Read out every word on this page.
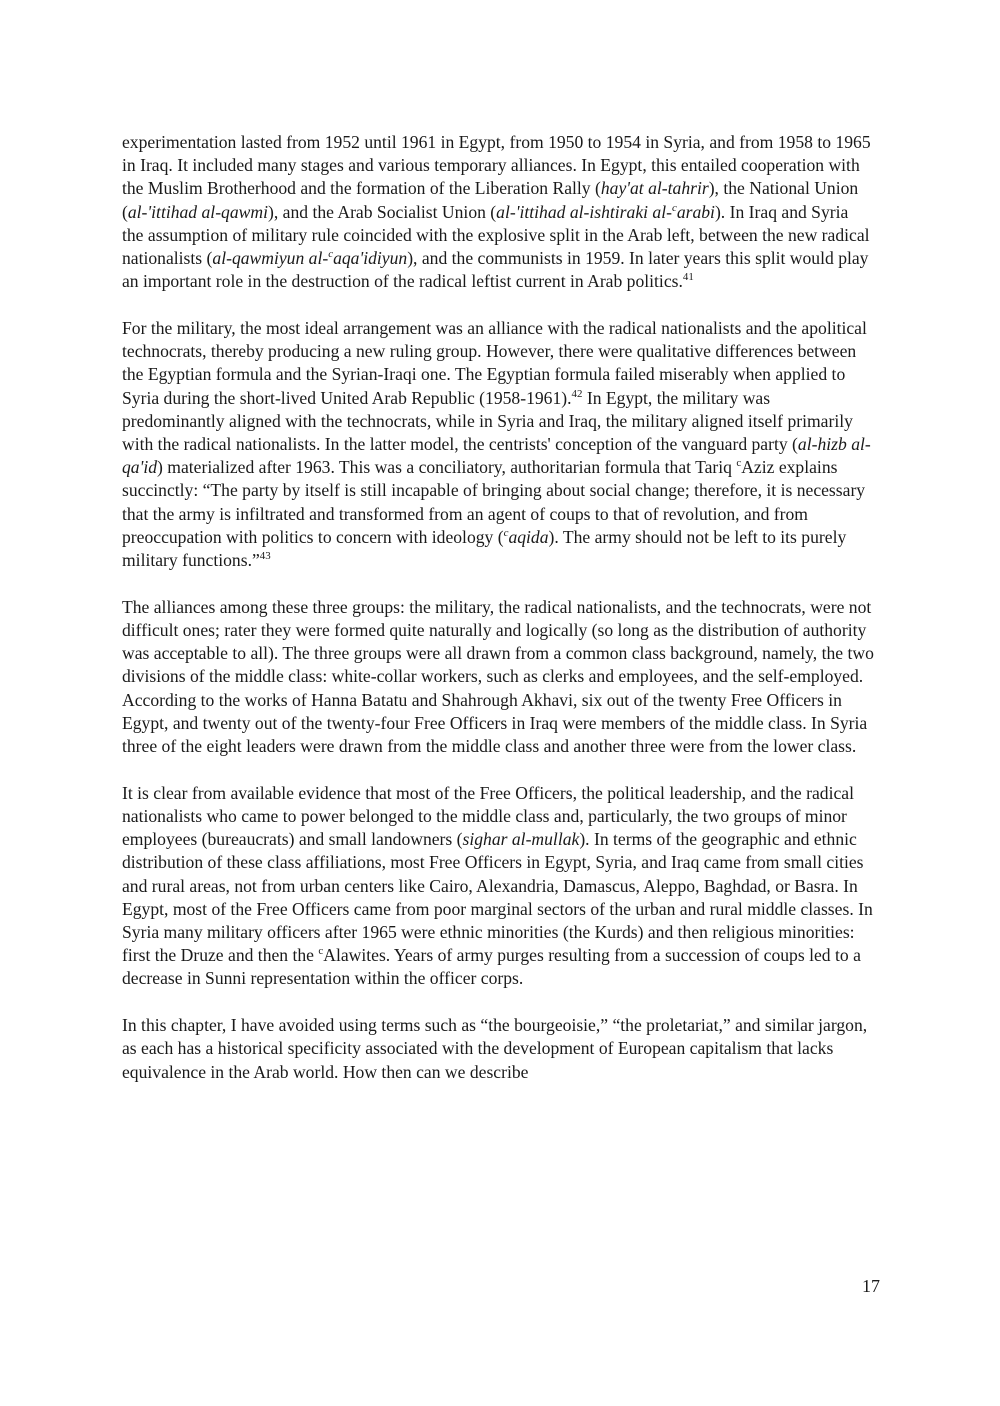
experimentation lasted from 1952 until 1961 in Egypt, from 1950 to 1954 in Syria, and from 1958 to 1965 in Iraq. It included many stages and various temporary alliances. In Egypt, this entailed cooperation with the Muslim Brotherhood and the formation of the Liberation Rally (hay'at al-tahrir), the National Union (al-'ittihad al-qawmi), and the Arab Socialist Union (al-'ittihad al-ishtiraki al-$^c$arabi). In Iraq and Syria the assumption of military rule coincided with the explosive split in the Arab left, between the new radical nationalists (al-qawmiyun al-$^c$aqa'idiyun), and the communists in 1959. In later years this split would play an important role in the destruction of the radical leftist current in Arab politics.$^{41}$

For the military, the most ideal arrangement was an alliance with the radical nationalists and the apolitical technocrats, thereby producing a new ruling group. However, there were qualitative differences between the Egyptian formula and the Syrian-Iraqi one. The Egyptian formula failed miserably when applied to Syria during the short-lived United Arab Republic (1958-1961).$^{42}$ In Egypt, the military was predominantly aligned with the technocrats, while in Syria and Iraq, the military aligned itself primarily with the radical nationalists. In the latter model, the centrists' conception of the vanguard party (al-hizb al-qa'id) materialized after 1963. This was a conciliatory, authoritarian formula that Tariq $^c$Aziz explains succinctly: “The party by itself is still incapable of bringing about social change; therefore, it is necessary that the army is infiltrated and transformed from an agent of coups to that of revolution, and from preoccupation with politics to concern with ideology ($^c$aqida). The army should not be left to its purely military functions.”$^{43}$

The alliances among these three groups: the military, the radical nationalists, and the technocrats, were not difficult ones; rater they were formed quite naturally and logically (so long as the distribution of authority was acceptable to all). The three groups were all drawn from a common class background, namely, the two divisions of the middle class: white-collar workers, such as clerks and employees, and the self-employed. According to the works of Hanna Batatu and Shahrough Akhavi, six out of the twenty Free Officers in Egypt, and twenty out of the twenty-four Free Officers in Iraq were members of the middle class. In Syria three of the eight leaders were drawn from the middle class and another three were from the lower class.

It is clear from available evidence that most of the Free Officers, the political leadership, and the radical nationalists who came to power belonged to the middle class and, particularly, the two groups of minor employees (bureaucrats) and small landowners (sighar al-mullak). In terms of the geographic and ethnic distribution of these class affiliations, most Free Officers in Egypt, Syria, and Iraq came from small cities and rural areas, not from urban centers like Cairo, Alexandria, Damascus, Aleppo, Baghdad, or Basra. In Egypt, most of the Free Officers came from poor marginal sectors of the urban and rural middle classes. In Syria many military officers after 1965 were ethnic minorities (the Kurds) and then religious minorities: first the Druze and then the $^c$Alawites. Years of army purges resulting from a succession of coups led to a decrease in Sunni representation within the officer corps.

In this chapter, I have avoided using terms such as “the bourgeoisie,” “the proletariat,” and similar jargon, as each has a historical specificity associated with the development of European capitalism that lacks equivalence in the Arab world. How then can we describe

17
